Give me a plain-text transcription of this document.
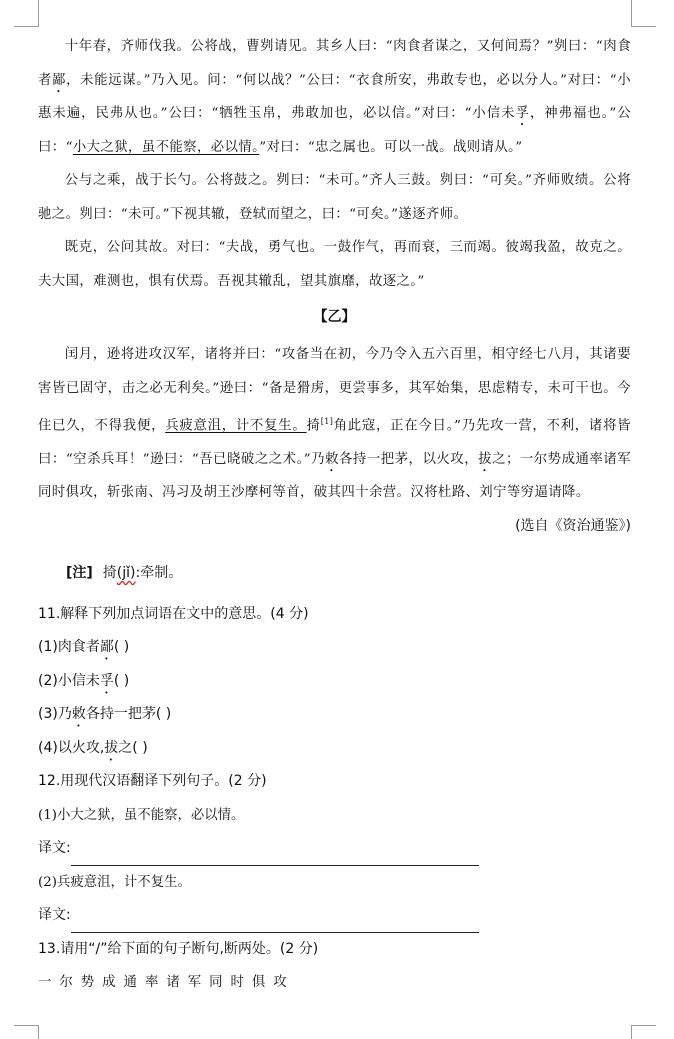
十年春，齐师伐我。公将战，曹刿请见。其乡人曰：“肉食者谋之，又何间焉？”刿曰：“肉食者鄙，未能远谋。”乃入见。问：“何以战？”公曰：“衣食所安，弗敢专也，必以分人。”对曰：“小惠未遍，民弗从也。”公曰：“牺牲玉帛，弗敢加也，必以信。”对曰：“小信未孚，神弗福也。”公曰：“小大之狱，虽不能察，必以情。”对曰：“忠之属也。可以一战。战则请从。”

公与之乘，战于长勺。公将鼓之。刿曰：“未可。”齐人三鼓。刿曰：“可矣。”齐师败绩。公将驰之。刿曰：“未可。”下视其辙，登轼而望之，曰：“可矣。”遂逐齐师。

既克，公问其故。对曰：“夫战，勇气也。一鼓作气，再而衰，三而竭。彼竭我盈，故克之。夫大国，难测也，惧有伏焉。吾视其辙乱，望其旗靡，故逐之。”

【乙】

闰月，逊将进攻汉军，诸将并曰：“攻备当在初，今乃令入五六百里，相守经七八月，其诸要害皆已固守，击之必无利矣。”逊曰：“备是猾虏，更尝事多，其军始集，思虑精专，未可干也。今住已久，不得我便，兵疲意沮，计不复生。掎[1]角此寇，正在今日。”乃先攻一营，不利，诸将皆曰：“空杀兵耳！”逊曰：“吾已晓破之之术。”乃敕各持一把茅，以火攻，拔之；一尔势成通率诸军同时俱攻，斩张南、冯习及胡王沙摩柯等首，破其四十余营。汉将杜路、刘宁等穷逼请降。

(选自《资治通鉴》)
[注] 掎(jǐ):牵制。

11.解释下列加点词语在文中的意思。(4 分)

(1)肉食者鄙( )

(2)小信未孚( )

(3)乃敕各持一把茅( )

(4)以火攻,拔之( )

12.用现代汉语翻译下列句子。(2 分)

(1)小大之狱，虽不能察，必以情。

译文:

(2)兵疲意沮，计不复生。

译文:

13.请用“/”给下面的句子断句,断两处。(2 分)

一尔势成通率诸军同时俱攻
